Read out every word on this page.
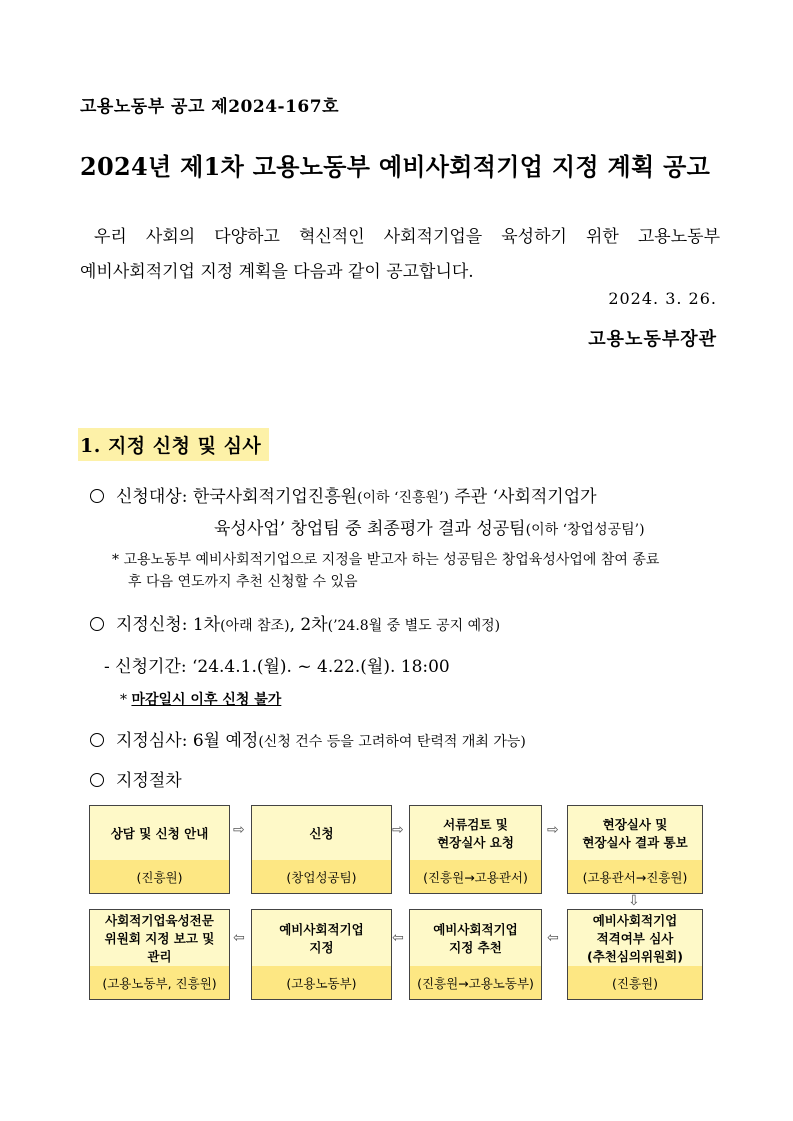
고용노동부 공고 제2024-167호
2024년 제1차 고용노동부 예비사회적기업 지정 계획 공고
우리 사회의 다양하고 혁신적인 사회적기업을 육성하기 위한 고용노동부
예비사회적기업 지정 계획을 다음과 같이 공고합니다.
2024. 3. 26.
고용노동부장관
1. 지정 신청 및 심사
신청대상: 한국사회적기업진흥원(이하 ‘진흥원’) 주관 ‘사회적기업가
육성사업’ 창업팀 중 최종평가 결과 성공팀(이하 ‘창업성공팀’)
* 고용노동부 예비사회적기업으로 지정을 받고자 하는 성공팀은 창업육성사업에 참여 종료
후 다음 연도까지 추천 신청할 수 있음
지정신청: 1차(아래 참조), 2차(’24.8월 중 별도 공지 예정)
- 신청기간: ‘24.4.1.(월). ~ 4.22.(월). 18:00
* 마감일시 이후 신청 불가
지정심사: 6월 예정(신청 건수 등을 고려하여 탄력적 개최 가능)
지정절차
상담 및 신청 안내
(진흥원)
신청
(창업성공팀)
서류검토 및
현장실사 요청
(진흥원→고용관서)
현장실사 및
현장실사 결과 통보
(고용관서→진흥원)
⇨	⇨	⇨
⇩
사회적기업육성전문
위원회 지정 보고 및
관리
(고용노동부, 진흥원)
예비사회적기업
지정
(고용노동부)
예비사회적기업
지정 추천
(진흥원→고용노동부)
예비사회적기업
적격여부 심사
(추천심의위원회)
(진흥원)
⇦	⇦	⇦
